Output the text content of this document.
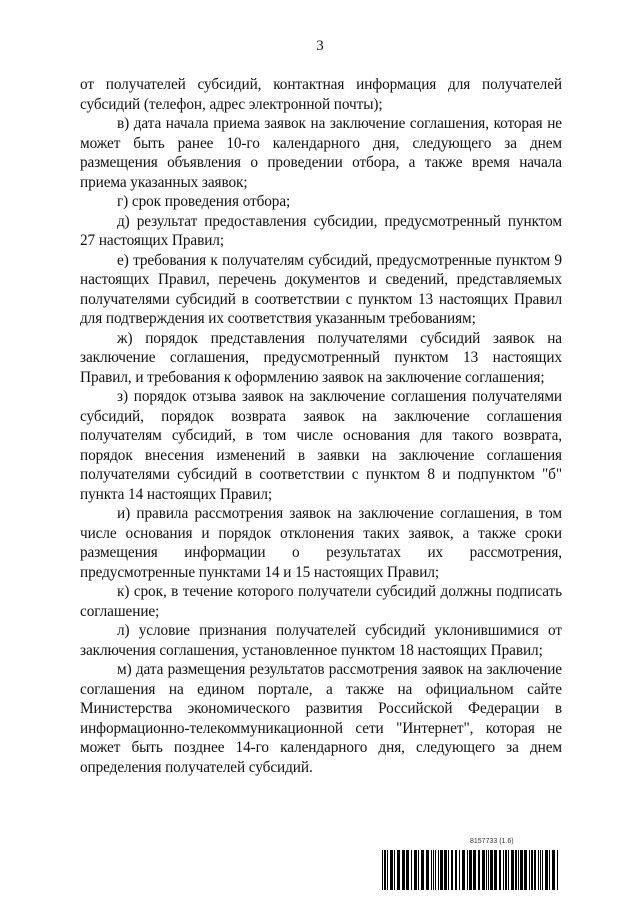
3

от получателей субсидий, контактная информация для получателей субсидий (телефон, адрес электронной почты);

в) дата начала приема заявок на заключение соглашения, которая не может быть ранее 10-го календарного дня, следующего за днем размещения объявления о проведении отбора, а также время начала приема указанных заявок;

г) срок проведения отбора;

д) результат предоставления субсидии, предусмотренный пунктом 27 настоящих Правил;

е) требования к получателям субсидий, предусмотренные пунктом 9 настоящих Правил, перечень документов и сведений, представляемых получателями субсидий в соответствии с пунктом 13 настоящих Правил для подтверждения их соответствия указанным требованиям;

ж) порядок представления получателями субсидий заявок на заключение соглашения, предусмотренный пунктом 13 настоящих Правил, и требования к оформлению заявок на заключение соглашения;

з) порядок отзыва заявок на заключение соглашения получателями субсидий, порядок возврата заявок на заключение соглашения получателям субсидий, в том числе основания для такого возврата, порядок внесения изменений в заявки на заключение соглашения получателями субсидий в соответствии с пунктом 8 и подпунктом "б" пункта 14 настоящих Правил;

и) правила рассмотрения заявок на заключение соглашения, в том числе основания и порядок отклонения таких заявок, а также сроки размещения информации о результатах их рассмотрения, предусмотренные пунктами 14 и 15 настоящих Правил;

к) срок, в течение которого получатели субсидий должны подписать соглашение;

л) условие признания получателей субсидий уклонившимися от заключения соглашения, установленное пунктом 18 настоящих Правил;

м) дата размещения результатов рассмотрения заявок на заключение соглашения на едином портале, а также на официальном сайте Министерства экономического развития Российской Федерации в информационно-телекоммуникационной сети "Интернет", которая не может быть позднее 14-го календарного дня, следующего за днем определения получателей субсидий.

8157733 (1.6)
